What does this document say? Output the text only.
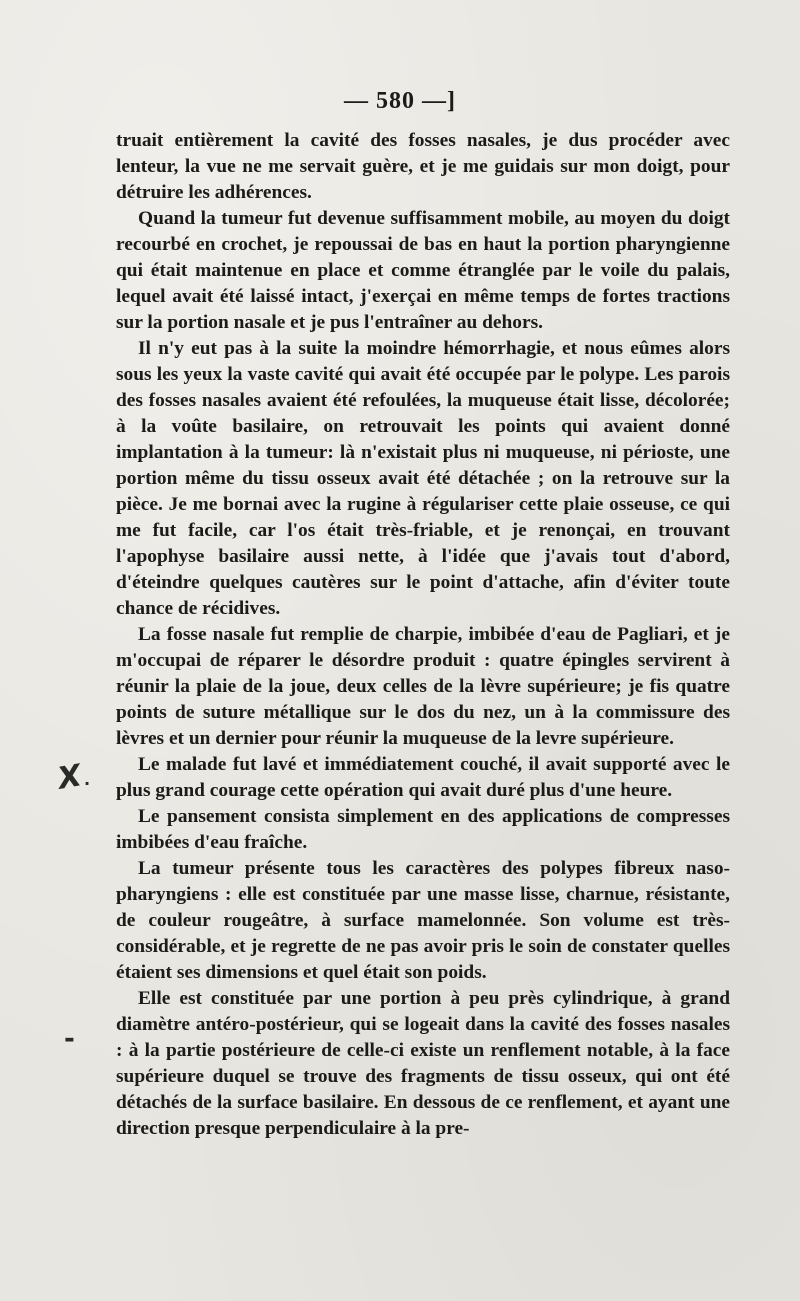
— 580 —]
X ·
-

truait entièrement la cavité des fosses nasales, je dus procéder avec lenteur, la vue ne me servait guère, et je me guidais sur mon doigt, pour détruire les adhérences.

Quand la tumeur fut devenue suffisamment mobile, au moyen du doigt recourbé en crochet, je repoussai de bas en haut la portion pharyngienne qui était maintenue en place et comme étranglée par le voile du palais, lequel avait été laissé intact, j'exerçai en même temps de fortes tractions sur la portion nasale et je pus l'entraîner au dehors.

Il n'y eut pas à la suite la moindre hémorrhagie, et nous eûmes alors sous les yeux la vaste cavité qui avait été occupée par le polype. Les parois des fosses nasales avaient été refoulées, la muqueuse était lisse, décolorée; à la voûte basilaire, on retrouvait les points qui avaient donné implantation à la tumeur: là n'existait plus ni muqueuse, ni périoste, une portion même du tissu osseux avait été détachée ; on la retrouve sur la pièce. Je me bornai avec la rugine à régulariser cette plaie osseuse, ce qui me fut facile, car l'os était très-friable, et je renonçai, en trouvant l'apophyse basilaire aussi nette, à l'idée que j'avais tout d'abord, d'éteindre quelques cautères sur le point d'attache, afin d'éviter toute chance de récidives.

La fosse nasale fut remplie de charpie, imbibée d'eau de Pagliari, et je m'occupai de réparer le désordre produit : quatre épingles servirent à réunir la plaie de la joue, deux celles de la lèvre supérieure; je fis quatre points de suture métallique sur le dos du nez, un à la commissure des lèvres et un dernier pour réunir la muqueuse de la levre supérieure.

Le malade fut lavé et immédiatement couché, il avait supporté avec le plus grand courage cette opération qui avait duré plus d'une heure.

Le pansement consista simplement en des applications de compresses imbibées d'eau fraîche.

La tumeur présente tous les caractères des polypes fibreux naso-pharyngiens : elle est constituée par une masse lisse, charnue, résistante, de couleur rougeâtre, à surface mamelonnée. Son volume est très-considérable, et je regrette de ne pas avoir pris le soin de constater quelles étaient ses dimensions et quel était son poids.

Elle est constituée par une portion à peu près cylindrique, à grand diamètre antéro-postérieur, qui se logeait dans la cavité des fosses nasales : à la partie postérieure de celle-ci existe un renflement notable, à la face supérieure duquel se trouve des fragments de tissu osseux, qui ont été détachés de la surface basilaire. En dessous de ce renflement, et ayant une direction presque perpendiculaire à la pre-
